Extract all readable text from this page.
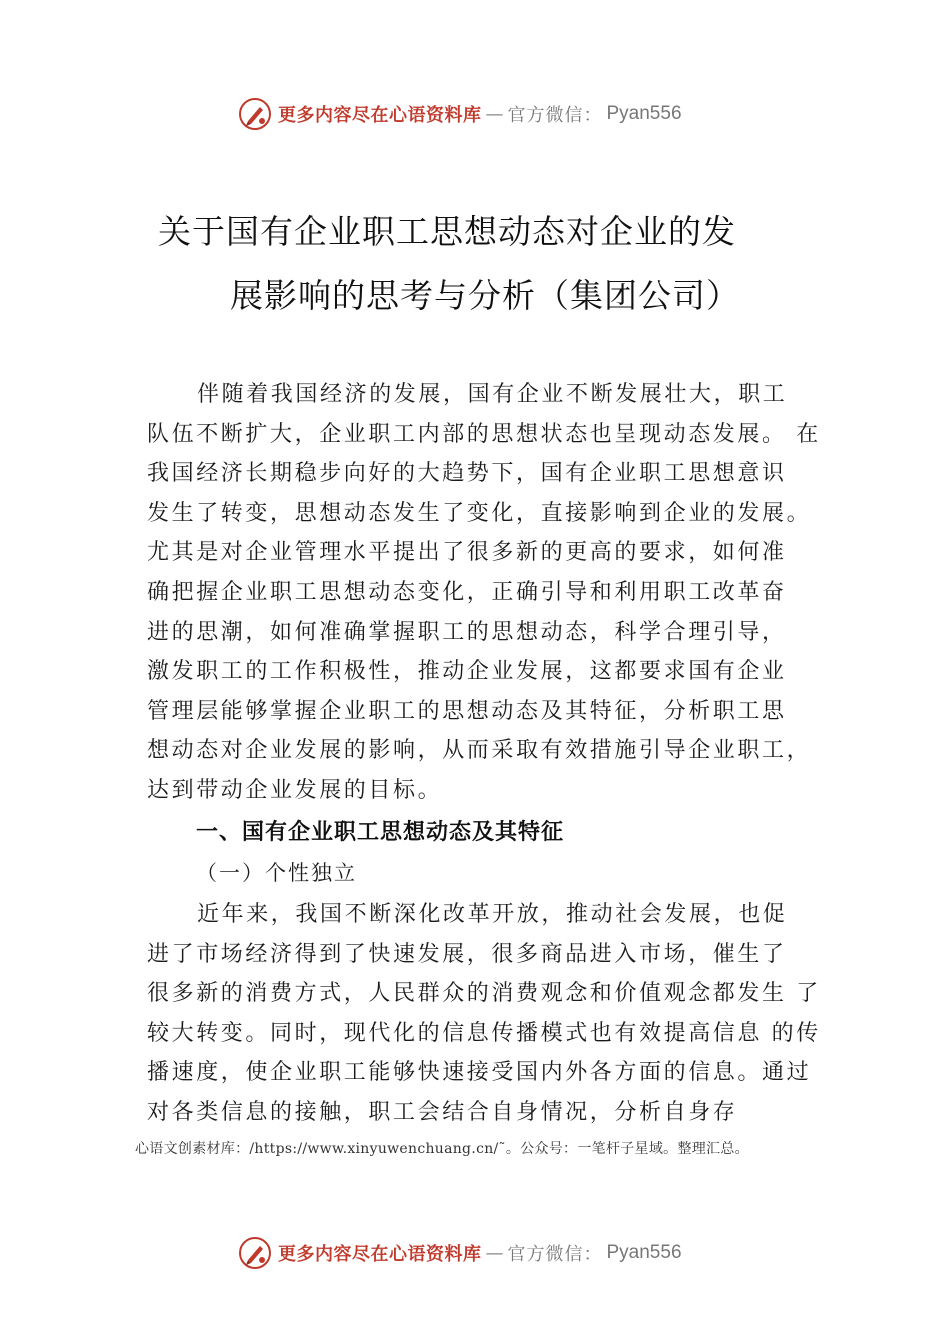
更多内容尽在心语资料库 — 官方微信： Pyan556
关于国有企业职工思想动态对企业的发
展影响的思考与分析（集团公司）
伴随着我国经济的发展，国有企业不断发展壮大，职工
队伍不断扩大，企业职工内部的思想状态也呈现动态发展。 在
我国经济长期稳步向好的大趋势下，国有企业职工思想意识
发生了转变，思想动态发生了变化，直接影响到企业的发展。
尤其是对企业管理水平提出了很多新的更高的要求，如何准
确把握企业职工思想动态变化，正确引导和利用职工改革奋
进的思潮，如何准确掌握职工的思想动态，科学合理引导，
激发职工的工作积极性，推动企业发展，这都要求国有企业
管理层能够掌握企业职工的思想动态及其特征，分析职工思
想动态对企业发展的影响，从而采取有效措施引导企业职工，
达到带动企业发展的目标。
一、国有企业职工思想动态及其特征
（一）个性独立
近年来，我国不断深化改革开放，推动社会发展，也促
进了市场经济得到了快速发展，很多商品进入市场，催生了
很多新的消费方式，人民群众的消费观念和价值观念都发生 了
较大转变。同时，现代化的信息传播模式也有效提高信息 的传
播速度，使企业职工能够快速接受国内外各方面的信息。通过
对各类信息的接触，职工会结合自身情况，分析自身存
心语文创素材库：/https://www.xinyuwenchuang.cn/˜。公众号：一笔杆子星域。整理汇总。
更多内容尽在心语资料库 — 官方微信： Pyan556
